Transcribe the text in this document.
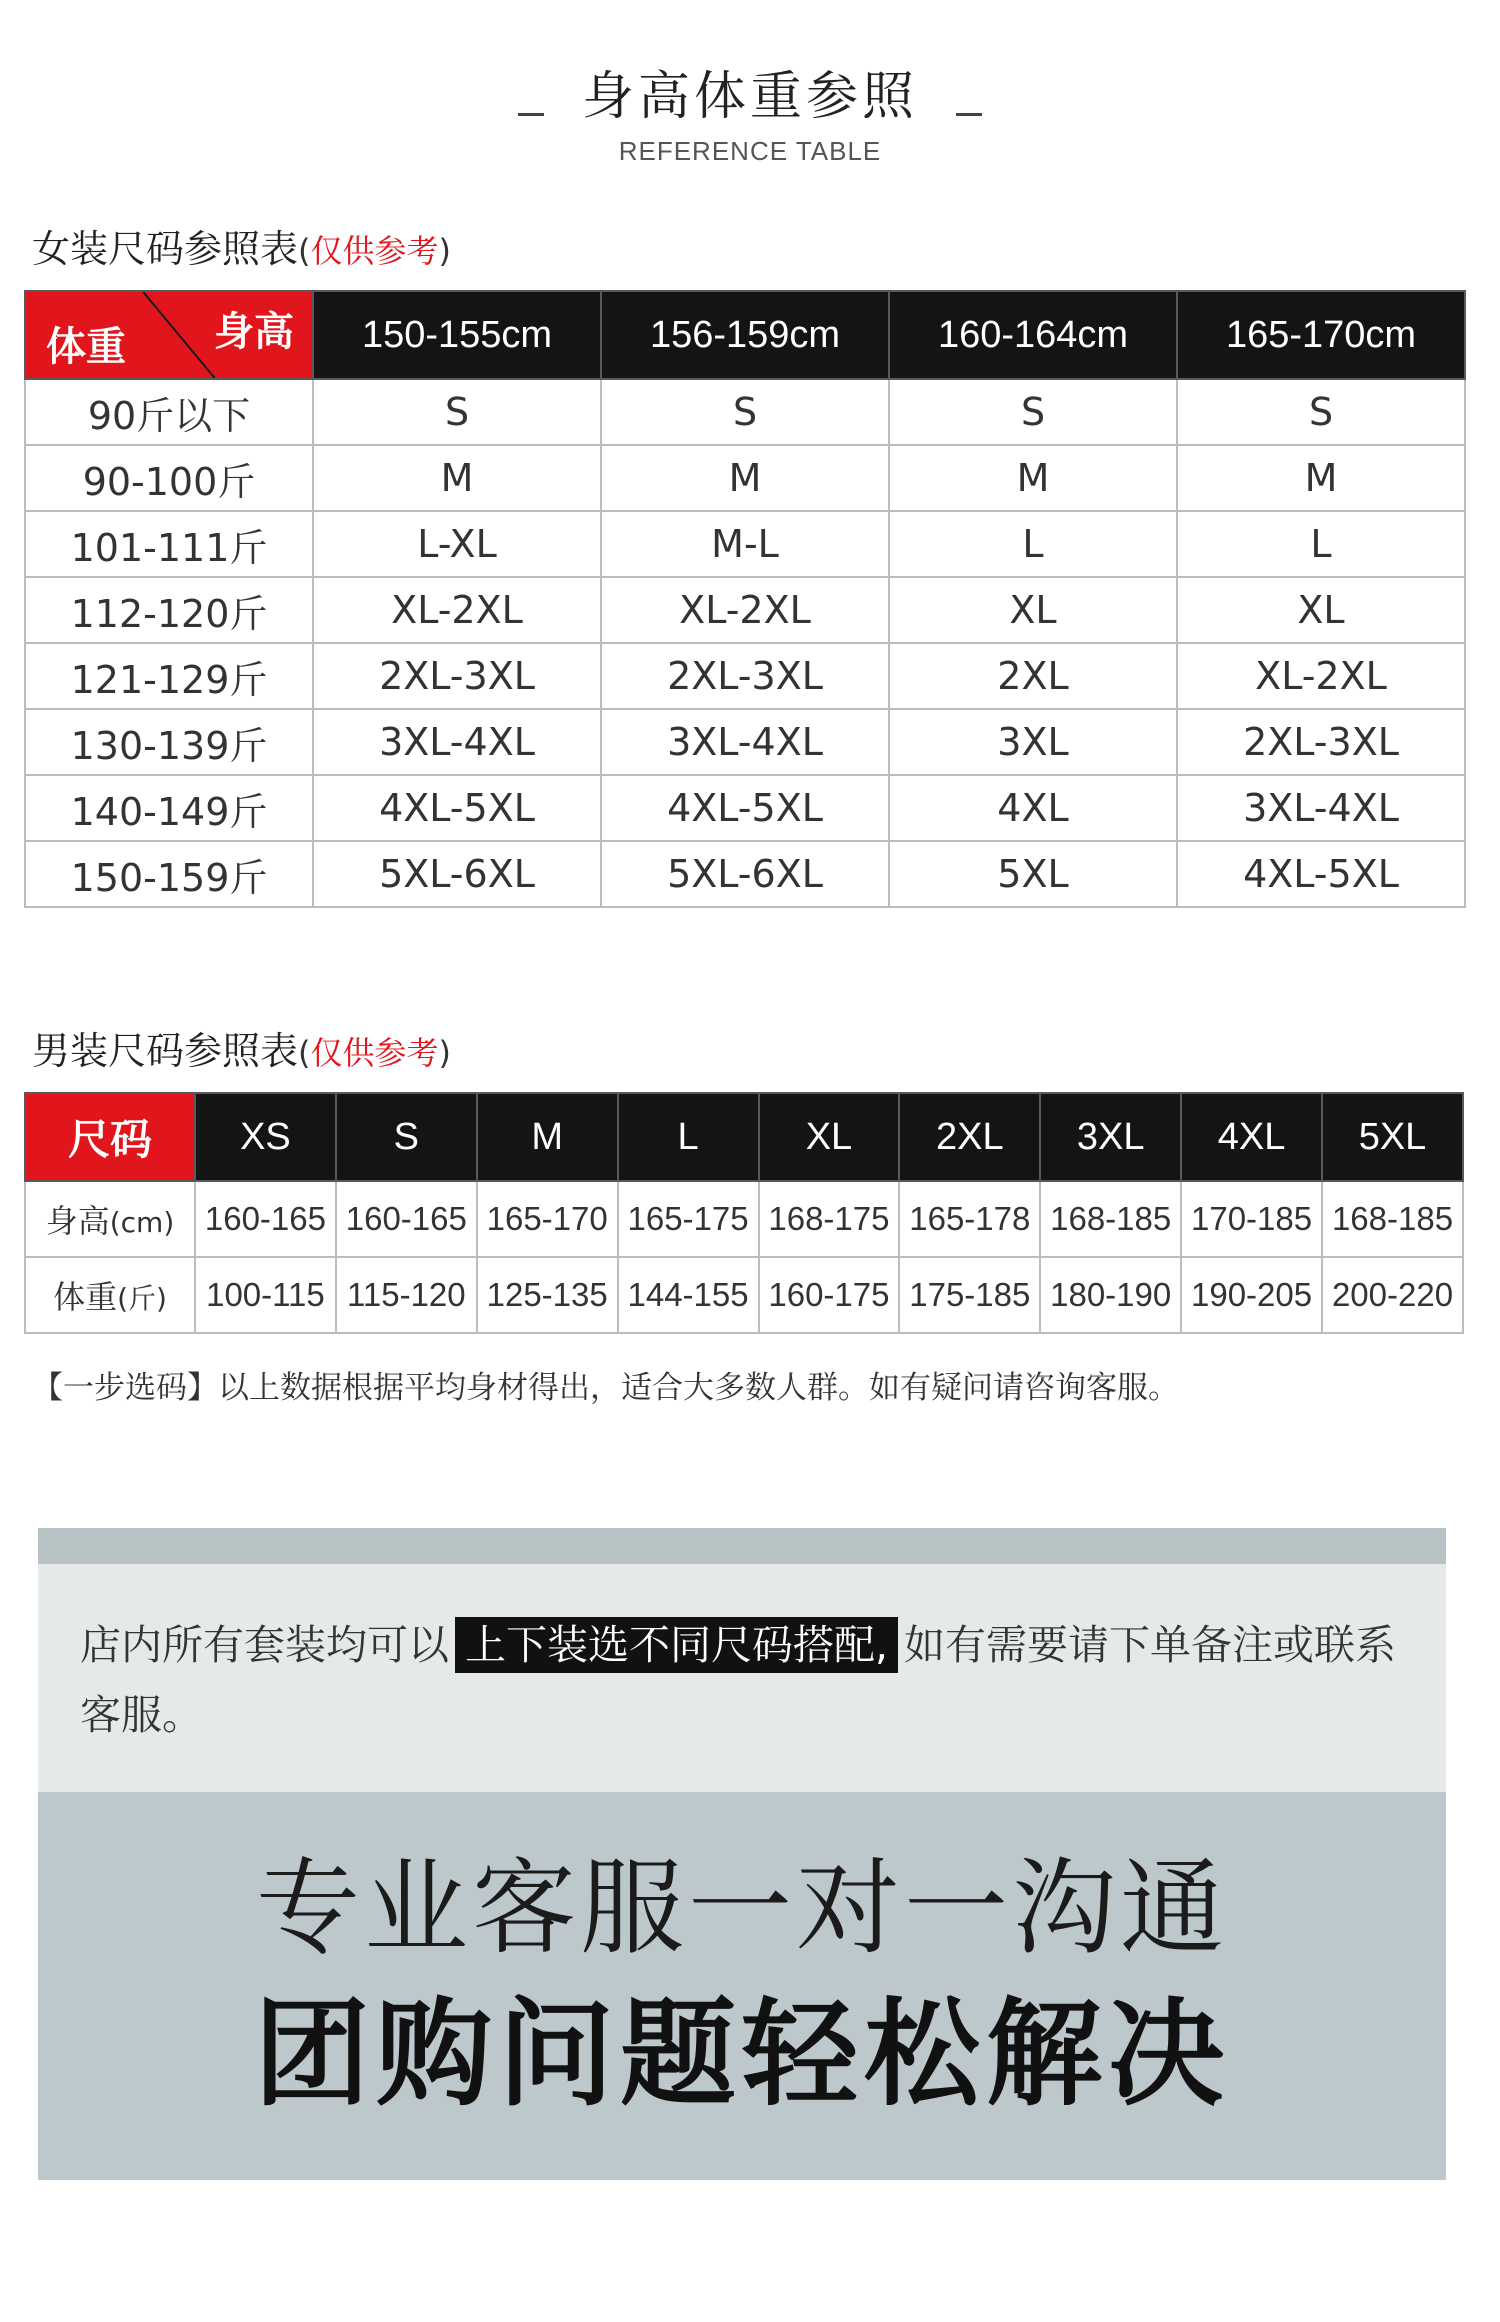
身高体重参照
REFERENCE TABLE
女装尺码参照表(仅供参考)
身高
体重	150-155cm	156-159cm	160-164cm	165-170cm
90斤以下	S	S	S	S
90-100斤	M	M	M	M
101-111斤	L-XL	M-L	L	L
112-120斤	XL-2XL	XL-2XL	XL	XL
121-129斤	2XL-3XL	2XL-3XL	2XL	XL-2XL
130-139斤	3XL-4XL	3XL-4XL	3XL	2XL-3XL
140-149斤	4XL-5XL	4XL-5XL	4XL	3XL-4XL
150-159斤	5XL-6XL	5XL-6XL	5XL	4XL-5XL
男装尺码参照表(仅供参考)
尺码	XS	S	M	L	XL	2XL	3XL	4XL	5XL
身高(cm)	160-165	160-165	165-170	165-175	168-175	165-178	168-185	170-185	168-185
体重(斤)	100-115	115-120	125-135	144-155	160-175	175-185	180-190	190-205	200-220
【一步选码】以上数据根据平均身材得出，适合大多数人群。如有疑问请咨询客服。
店内所有套装均可以 上下装选不同尺码搭配, 如有需要请下单备注或联系客服。
专业客服一对一沟通
团购问题轻松解决
